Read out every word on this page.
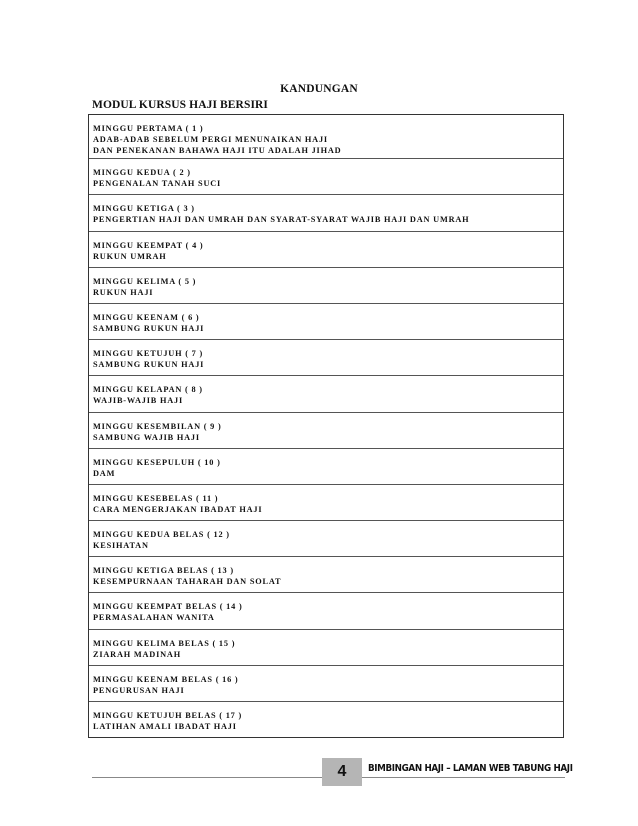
KANDUNGAN
MODUL KURSUS HAJI BERSIRI
MINGGU PERTAMA ( 1 )
ADAB-ADAB SEBELUM PERGI MENUNAIKAN HAJI
DAN PENEKANAN BAHAWA HAJI ITU ADALAH JIHAD
MINGGU KEDUA ( 2 )
PENGENALAN TANAH SUCI
MINGGU KETIGA ( 3 )
PENGERTIAN HAJI DAN UMRAH DAN SYARAT-SYARAT WAJIB HAJI DAN UMRAH
MINGGU KEEMPAT ( 4 )
RUKUN UMRAH
MINGGU KELIMA ( 5 )
RUKUN HAJI
MINGGU KEENAM ( 6 )
SAMBUNG RUKUN HAJI
MINGGU KETUJUH ( 7 )
SAMBUNG RUKUN HAJI
MINGGU KELAPAN ( 8 )
WAJIB-WAJIB HAJI
MINGGU KESEMBILAN ( 9 )
SAMBUNG WAJIB HAJI
MINGGU KESEPULUH ( 10 )
DAM
MINGGU KESEBELAS ( 11 )
CARA MENGERJAKAN IBADAT HAJI
MINGGU KEDUA BELAS ( 12 )
KESIHATAN
MINGGU KETIGA BELAS ( 13 )
KESEMPURNAAN TAHARAH DAN SOLAT
MINGGU KEEMPAT BELAS ( 14 )
PERMASALAHAN WANITA
MINGGU KELIMA BELAS ( 15 )
ZIARAH MADINAH
MINGGU KEENAM BELAS ( 16 )
PENGURUSAN HAJI
MINGGU KETUJUH BELAS ( 17 )
LATIHAN AMALI IBADAT HAJI
4	BIMBINGAN HAJI – LAMAN WEB TABUNG HAJI
